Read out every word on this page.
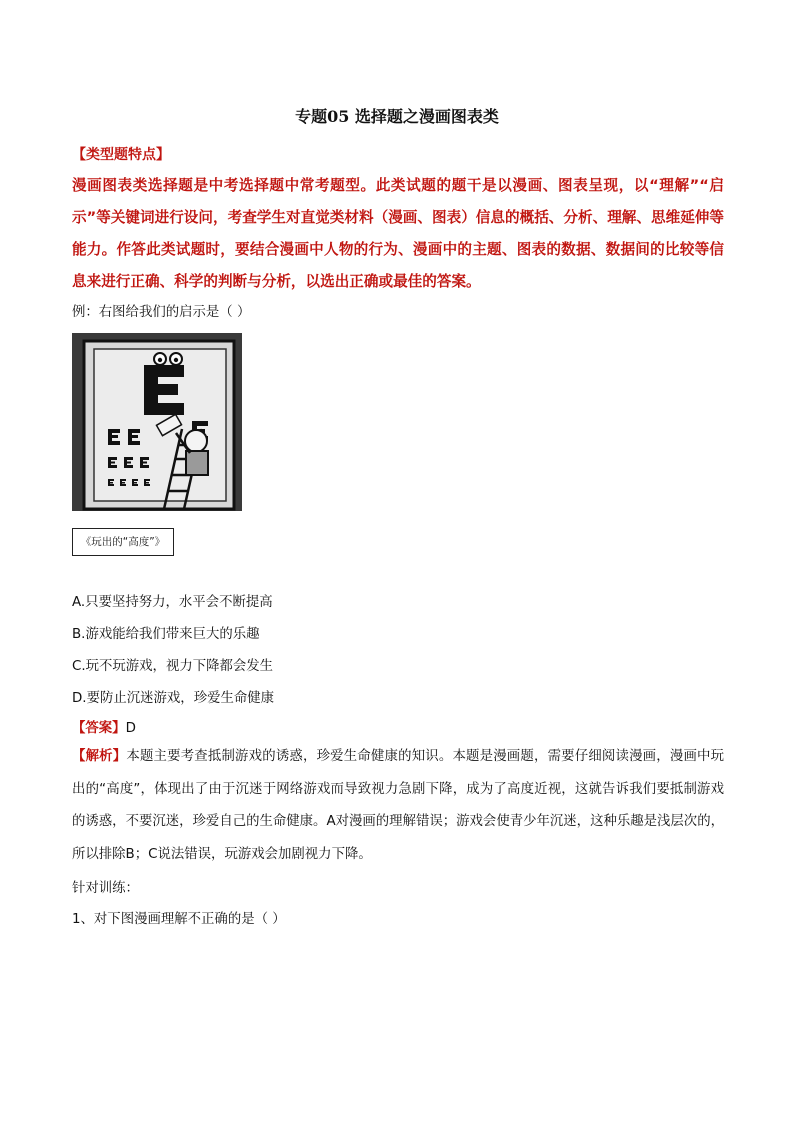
专题05 选择题之漫画图表类
【类型题特点】
漫画图表类选择题是中考选择题中常考题型。此类试题的题干是以漫画、图表呈现，以“理解”“启示”等关键词进行设问，考查学生对直觉类材料（漫画、图表）信息的概括、分析、理解、思维延伸等能力。作答此类试题时，要结合漫画中人物的行为、漫画中的主题、图表的数据、数据间的比较等信息来进行正确、科学的判断与分析，以选出正确或最佳的答案。
例：右图给我们的启示是（ ）
《玩出的“高度”》
A.只要坚持努力，水平会不断提高
B.游戏能给我们带来巨大的乐趣
C.玩不玩游戏，视力下降都会发生
D.要防止沉迷游戏，珍爱生命健康
【答案】D
【解析】本题主要考查抵制游戏的诱惑，珍爱生命健康的知识。本题是漫画题，需要仔细阅读漫画，漫画中玩出的“高度”，体现出了由于沉迷于网络游戏而导致视力急剧下降，成为了高度近视，这就告诉我们要抵制游戏的诱惑，不要沉迷，珍爱自己的生命健康。A对漫画的理解错误；游戏会使青少年沉迷，这种乐趣是浅层次的，所以排除B；C说法错误，玩游戏会加剧视力下降。
针对训练：
1、对下图漫画理解不正确的是（ ）
